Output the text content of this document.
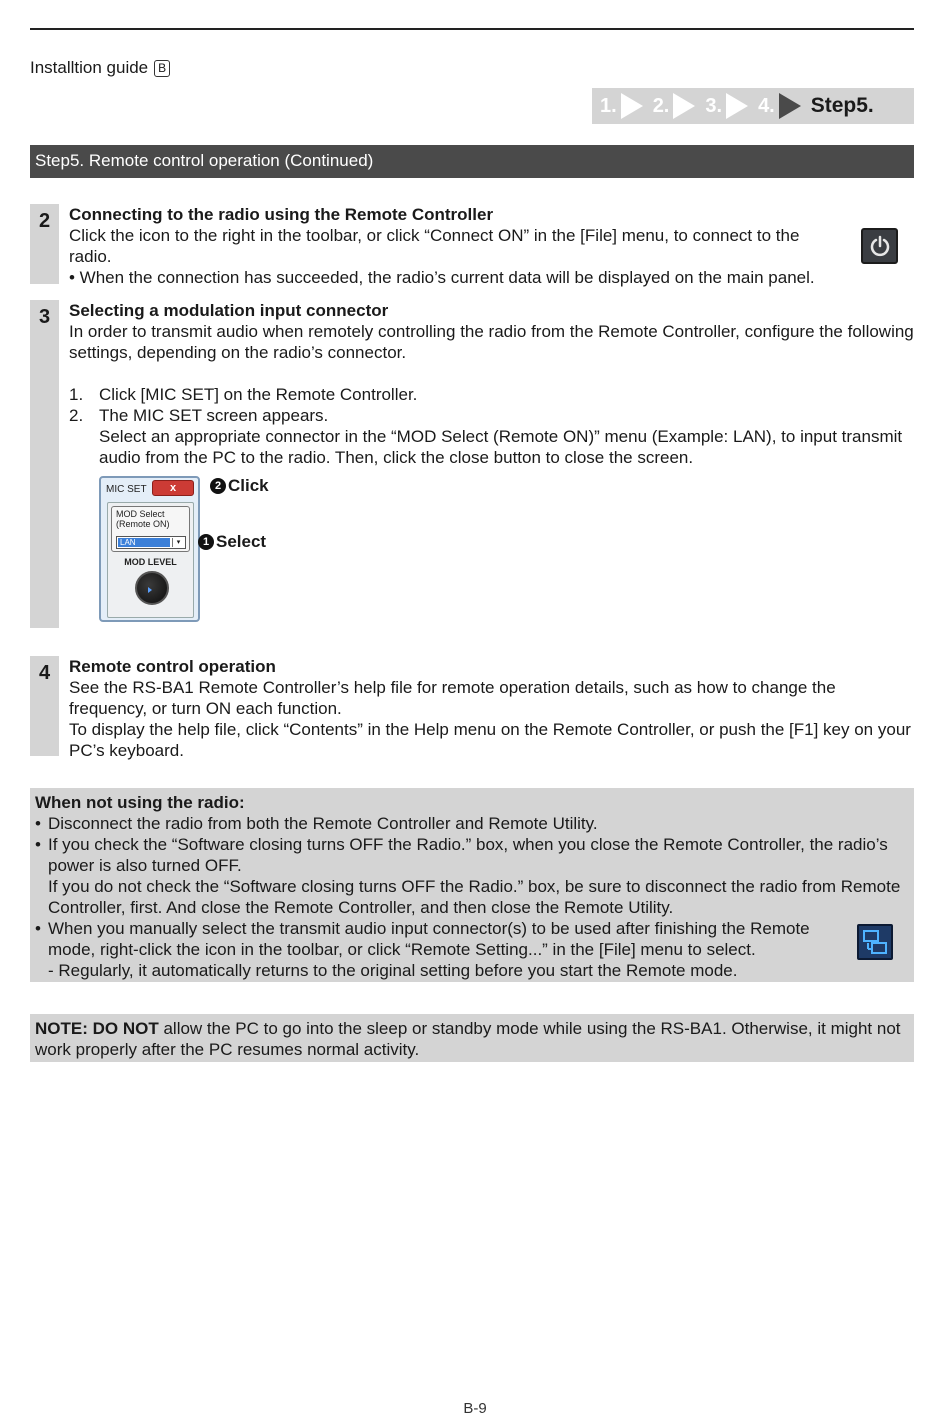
Installtion guide B
1. 2. 3. 4. Step5.
Step5. Remote control operation (Continued)
2	Connecting to the radio using the Remote Controller
Click the icon to the right in the toolbar, or click “Connect ON” in the [File] menu, to connect to the radio.
• When the connection has succeeded, the radio’s current data will be displayed on the main panel.
3	Selecting a modulation input connector
In order to transmit audio when remotely controlling the radio from the Remote Controller, configure the following settings, depending on the radio’s connector.
1. Click [MIC SET] on the Remote Controller.
2. The MIC SET screen appears.
Select an appropriate connector in the “MOD Select (Remote ON)” menu (Example: LAN), to input transmit audio from the PC to the radio. Then, click the close button to close the screen.
MIC SET	x
MOD Select
(Remote ON)
LAN	▾
MOD LEVEL
2 Click
1 Select
4	Remote control operation
See the RS-BA1 Remote Controller’s help file for remote operation details, such as how to change the frequency, or turn ON each function.
To display the help file, click “Contents” in the Help menu on the Remote Controller, or push the [F1] key on your PC’s keyboard.
When not using the radio:
• Disconnect the radio from both the Remote Controller and Remote Utility.
• If you check the “Software closing turns OFF the Radio.” box, when you close the Remote Controller, the radio’s power is also turned OFF.
If you do not check the “Software closing turns OFF the Radio.” box, be sure to disconnect the radio from Remote Controller, first. And close the Remote Controller, and then close the Remote Utility.
• When you manually select the transmit audio input connector(s) to be used after finishing the Remote mode, right-click the icon in the toolbar, or click “Remote Setting...” in the [File] menu to select.
- Regularly, it automatically returns to the original setting before you start the Remote mode.
NOTE: DO NOT allow the PC to go into the sleep or standby mode while using the RS-BA1. Otherwise, it might not work properly after the PC resumes normal activity.
B-9
